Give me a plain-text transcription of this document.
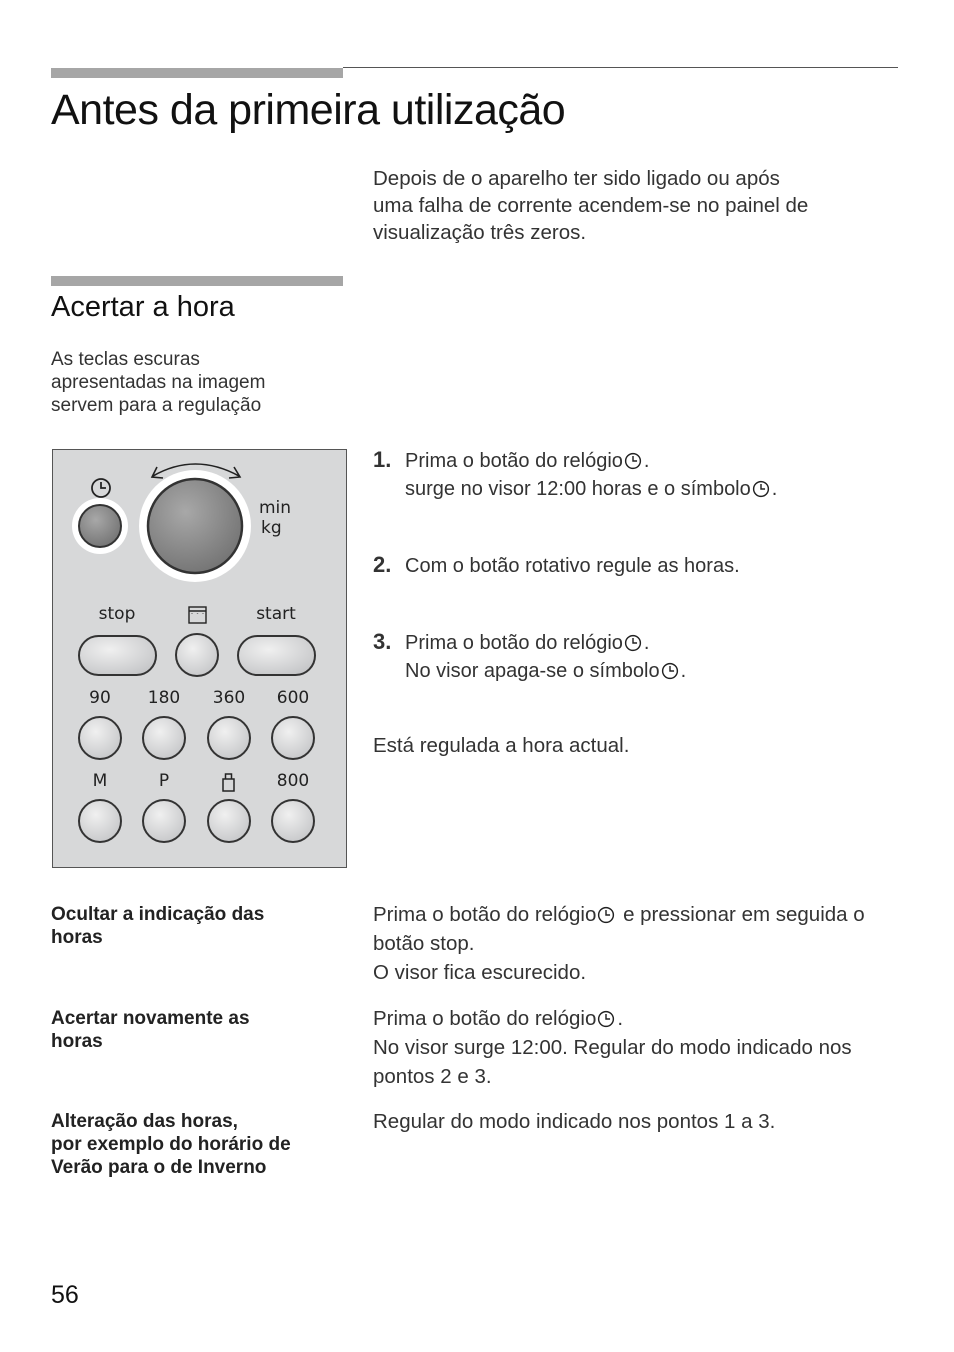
Antes da primeira utilização
Depois de o aparelho ter sido ligado ou após
uma falha de corrente acendem-se no painel de
visualização três zeros.
Acertar a hora
As teclas escuras
apresentadas na imagem
servem para a regulação
min
kg
stop	start
90	180	360	600
M	P	800
1. Prima o botão do relógio .
surge no visor 12:00 horas e o símbolo .
2. Com o botão rotativo regule as horas.
3. Prima o botão do relógio .
No visor apaga-se o símbolo .
Está regulada a hora actual.
Ocultar a indicação das
horas
Prima o botão do relógio e pressionar em seguida o
botão stop.
O visor fica escurecido.
Acertar novamente as
horas
Prima o botão do relógio .
No visor surge 12:00. Regular do modo indicado nos
pontos 2 e 3.
Alteração das horas,
por exemplo do horário de
Verão para o de Inverno
Regular do modo indicado nos pontos 1 a 3.
56
